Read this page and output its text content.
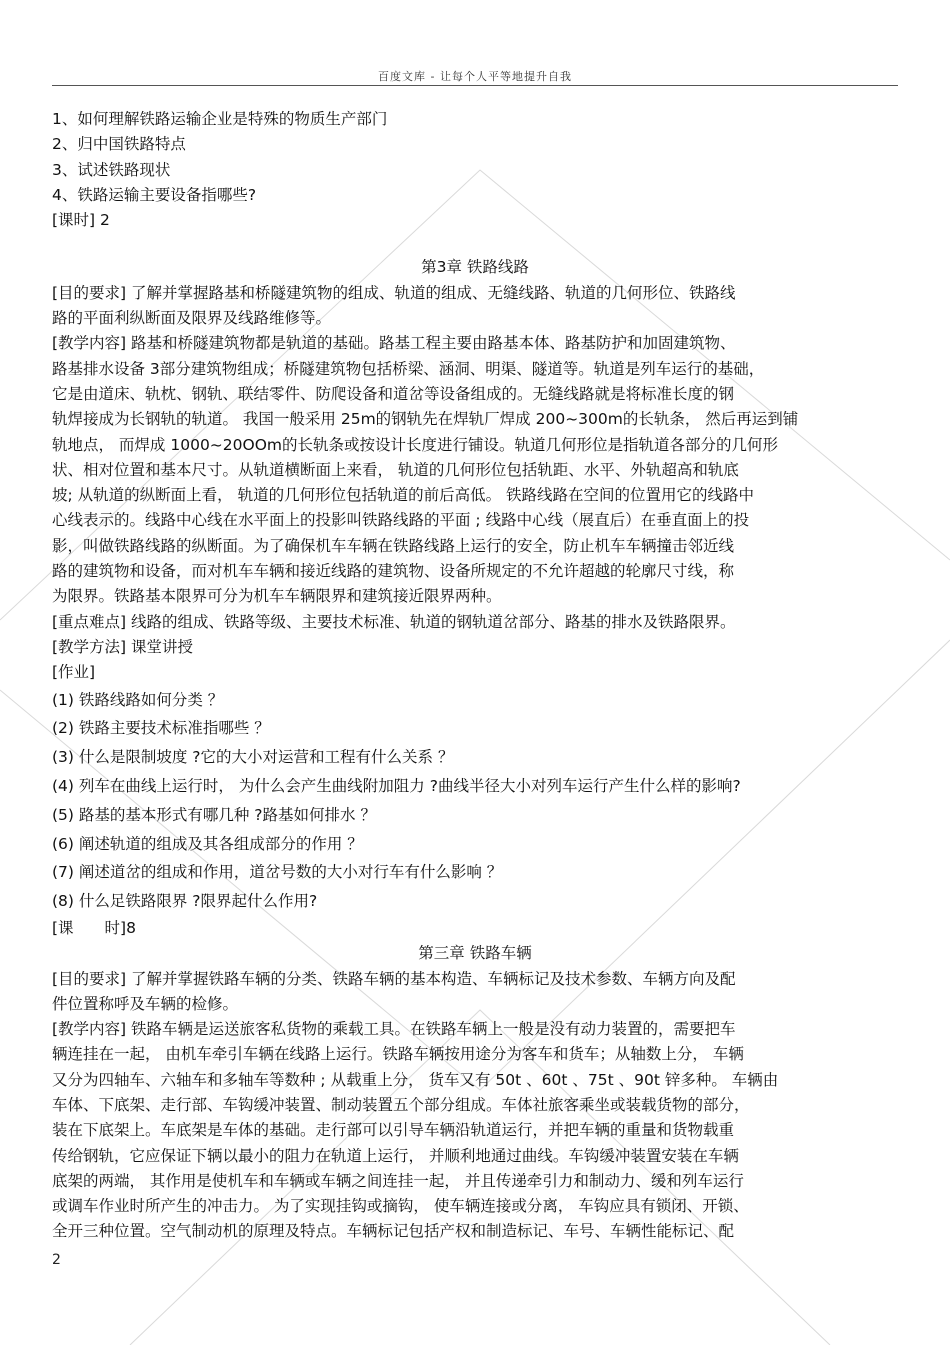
百度文库 - 让每个人平等地提升自我
1、如何理解铁路运输企业是特殊的物质生产部门
2、归中国铁路特点
3、试述铁路现状
4、铁路运输主要设备指哪些?
[课时] 2
第3章 铁路线路
[目的要求] 了解并掌握路基和桥隧建筑物的组成、轨道的组成、无缝线路、轨道的几何形位、铁路线
路的平面利纵断面及限界及线路维修等。
[教学内容] 路基和桥隧建筑物都是轨道的基础。路基工程主要由路基本体、路基防护和加固建筑物、
路基排水设备 3部分建筑物组成；桥隧建筑物包括桥梁、涵洞、明渠、隧道等。轨道是列车运行的基础，
它是由道床、轨枕、钢轨、联结零件、防爬设备和道岔等设备组成的。无缝线路就是将标准长度的钢
轨焊接成为长钢轨的轨道。 我国一般采用 25m的钢轨先在焊轨厂焊成 200~300m的长轨条， 然后再运到铺
轨地点， 而焊成 1000~20OOm的长轨条或按设计长度进行铺设。轨道几何形位是指轨道各部分的几何形
状、相对位置和基本尺寸。从轨道横断面上来看， 轨道的几何形位包括轨距、水平、外轨超高和轨底
坡; 从轨道的纵断面上看， 轨道的几何形位包括轨道的前后高低。 铁路线路在空间的位置用它的线路中
心线表示的。线路中心线在水平面上的投影叫铁路线路的平面 ; 线路中心线（展直后）在垂直面上的投
影，叫做铁路线路的纵断面。为了确保机车车辆在铁路线路上运行的安全，防止机车车辆撞击邻近线
路的建筑物和设备，而对机车车辆和接近线路的建筑物、设备所规定的不允许超越的轮廓尺寸线，称
为限界。铁路基本限界可分为机车车辆限界和建筑接近限界两种。
[重点难点] 线路的组成、铁路等级、主要技术标准、轨道的钢轨道岔部分、路基的排水及铁路限界。
[教学方法] 课堂讲授
[作业]
(1) 铁路线路如何分类 ？
(2) 铁路主要技术标准指哪些 ？
(3) 什么是限制坡度 ?它的大小对运营和工程有什么关系 ？
(4) 列车在曲线上运行时， 为什么会产生曲线附加阻力 ?曲线半径大小对列车运行产生什么样的影响?
(5) 路基的基本形式有哪几种 ?路基如何排水 ？
(6) 阐述轨道的组成及其各组成部分的作用 ？
(7) 阐述道岔的组成和作用，道岔号数的大小对行车有什么影响 ？
(8) 什么足铁路限界 ?限界起什么作用?
[课　　时]8
第三章 铁路车辆
[目的要求] 了解并掌握铁路车辆的分类、铁路车辆的基本构造、车辆标记及技术参数、车辆方向及配
件位置称呼及车辆的检修。
[教学内容] 铁路车辆是运送旅客私货物的乘载工具。在铁路车辆上一般是没有动力装置的，需要把车
辆连挂在一起， 由机车牵引车辆在线路上运行。铁路车辆按用途分为客车和货车；从轴数上分， 车辆
又分为四轴车、六轴车和多轴车等数种 ; 从载重上分， 货车又有 50t 、60t 、75t 、90t 锌多种。 车辆由
车体、下底架、走行部、车钩缓冲装置、制动装置五个部分组成。车体社旅客乘坐或装载货物的部分，
装在下底架上。车底架是车体的基础。走行部可以引导车辆沿轨道运行，并把车辆的重量和货物载重
传给钢轨，它应保证下辆以最小的阻力在轨道上运行， 并顺利地通过曲线。车钩缓冲装置安装在车辆
底架的两端， 其作用是使机车和车辆或车辆之间连挂一起， 并且传递牵引力和制动力、缓和列车运行
或调车作业时所产生的冲击力。 为了实现挂钩或摘钩， 使车辆连接或分离， 车钩应具有锁闭、开锁、
全开三种位置。空气制动机的原理及特点。车辆标记包括产权和制造标记、车号、车辆性能标记、配
2
